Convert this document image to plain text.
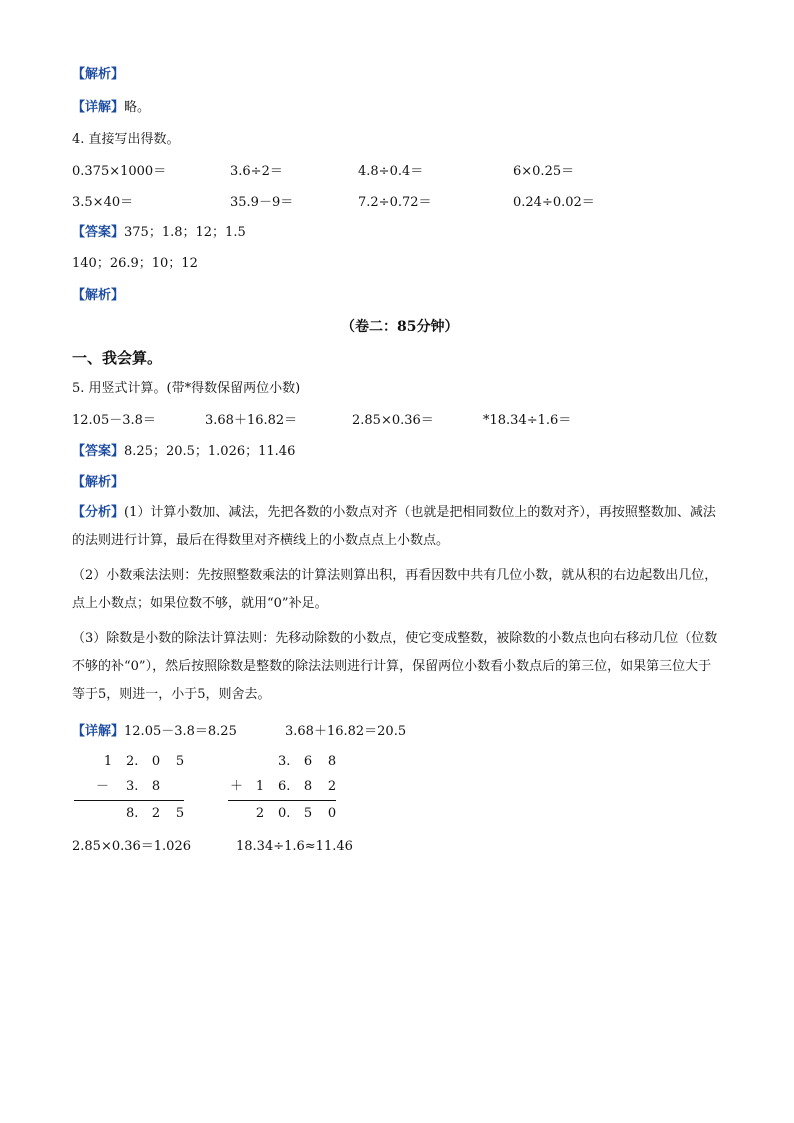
【解析】
【详解】略。
4. 直接写出得数。
0.375×1000＝	3.6÷2＝	4.8÷0.4＝	6×0.25＝
3.5×40＝	35.9－9＝	7.2÷0.72＝	0.24÷0.02＝
【答案】375；1.8；12；1.5
140；26.9；10；12
【解析】
（卷二：85分钟）
一、我会算。
5. 用竖式计算。(带*得数保留两位小数)
12.05－3.8＝	3.68＋16.82＝	2.85×0.36＝	*18.34÷1.6＝
【答案】8.25；20.5；1.026；11.46
【解析】
【分析】(1）计算小数加、减法，先把各数的小数点对齐（也就是把相同数位上的数对齐），再按照整数加、减法的法则进行计算，最后在得数里对齐横线上的小数点点上小数点。
（2）小数乘法法则：先按照整数乘法的计算法则算出积，再看因数中共有几位小数，就从积的右边起数出几位，点上小数点；如果位数不够，就用“0”补足。
（3）除数是小数的除法计算法则：先移动除数的小数点，使它变成整数，被除数的小数点也向右移动几位（位数不够的补“0”），然后按照除数是整数的除法法则进行计算，保留两位小数看小数点后的第三位，如果第三位大于等于5，则进一，小于5，则舍去。
【详解】12.05－3.8＝8.25	3.68＋16.82＝20.5
1 2. 0 5
－ 3. 8
8. 2 5
3. 6 8
＋ 1 6. 8 2
2 0. 5 0
2.85×0.36＝1.026	18.34÷1.6≈11.46
